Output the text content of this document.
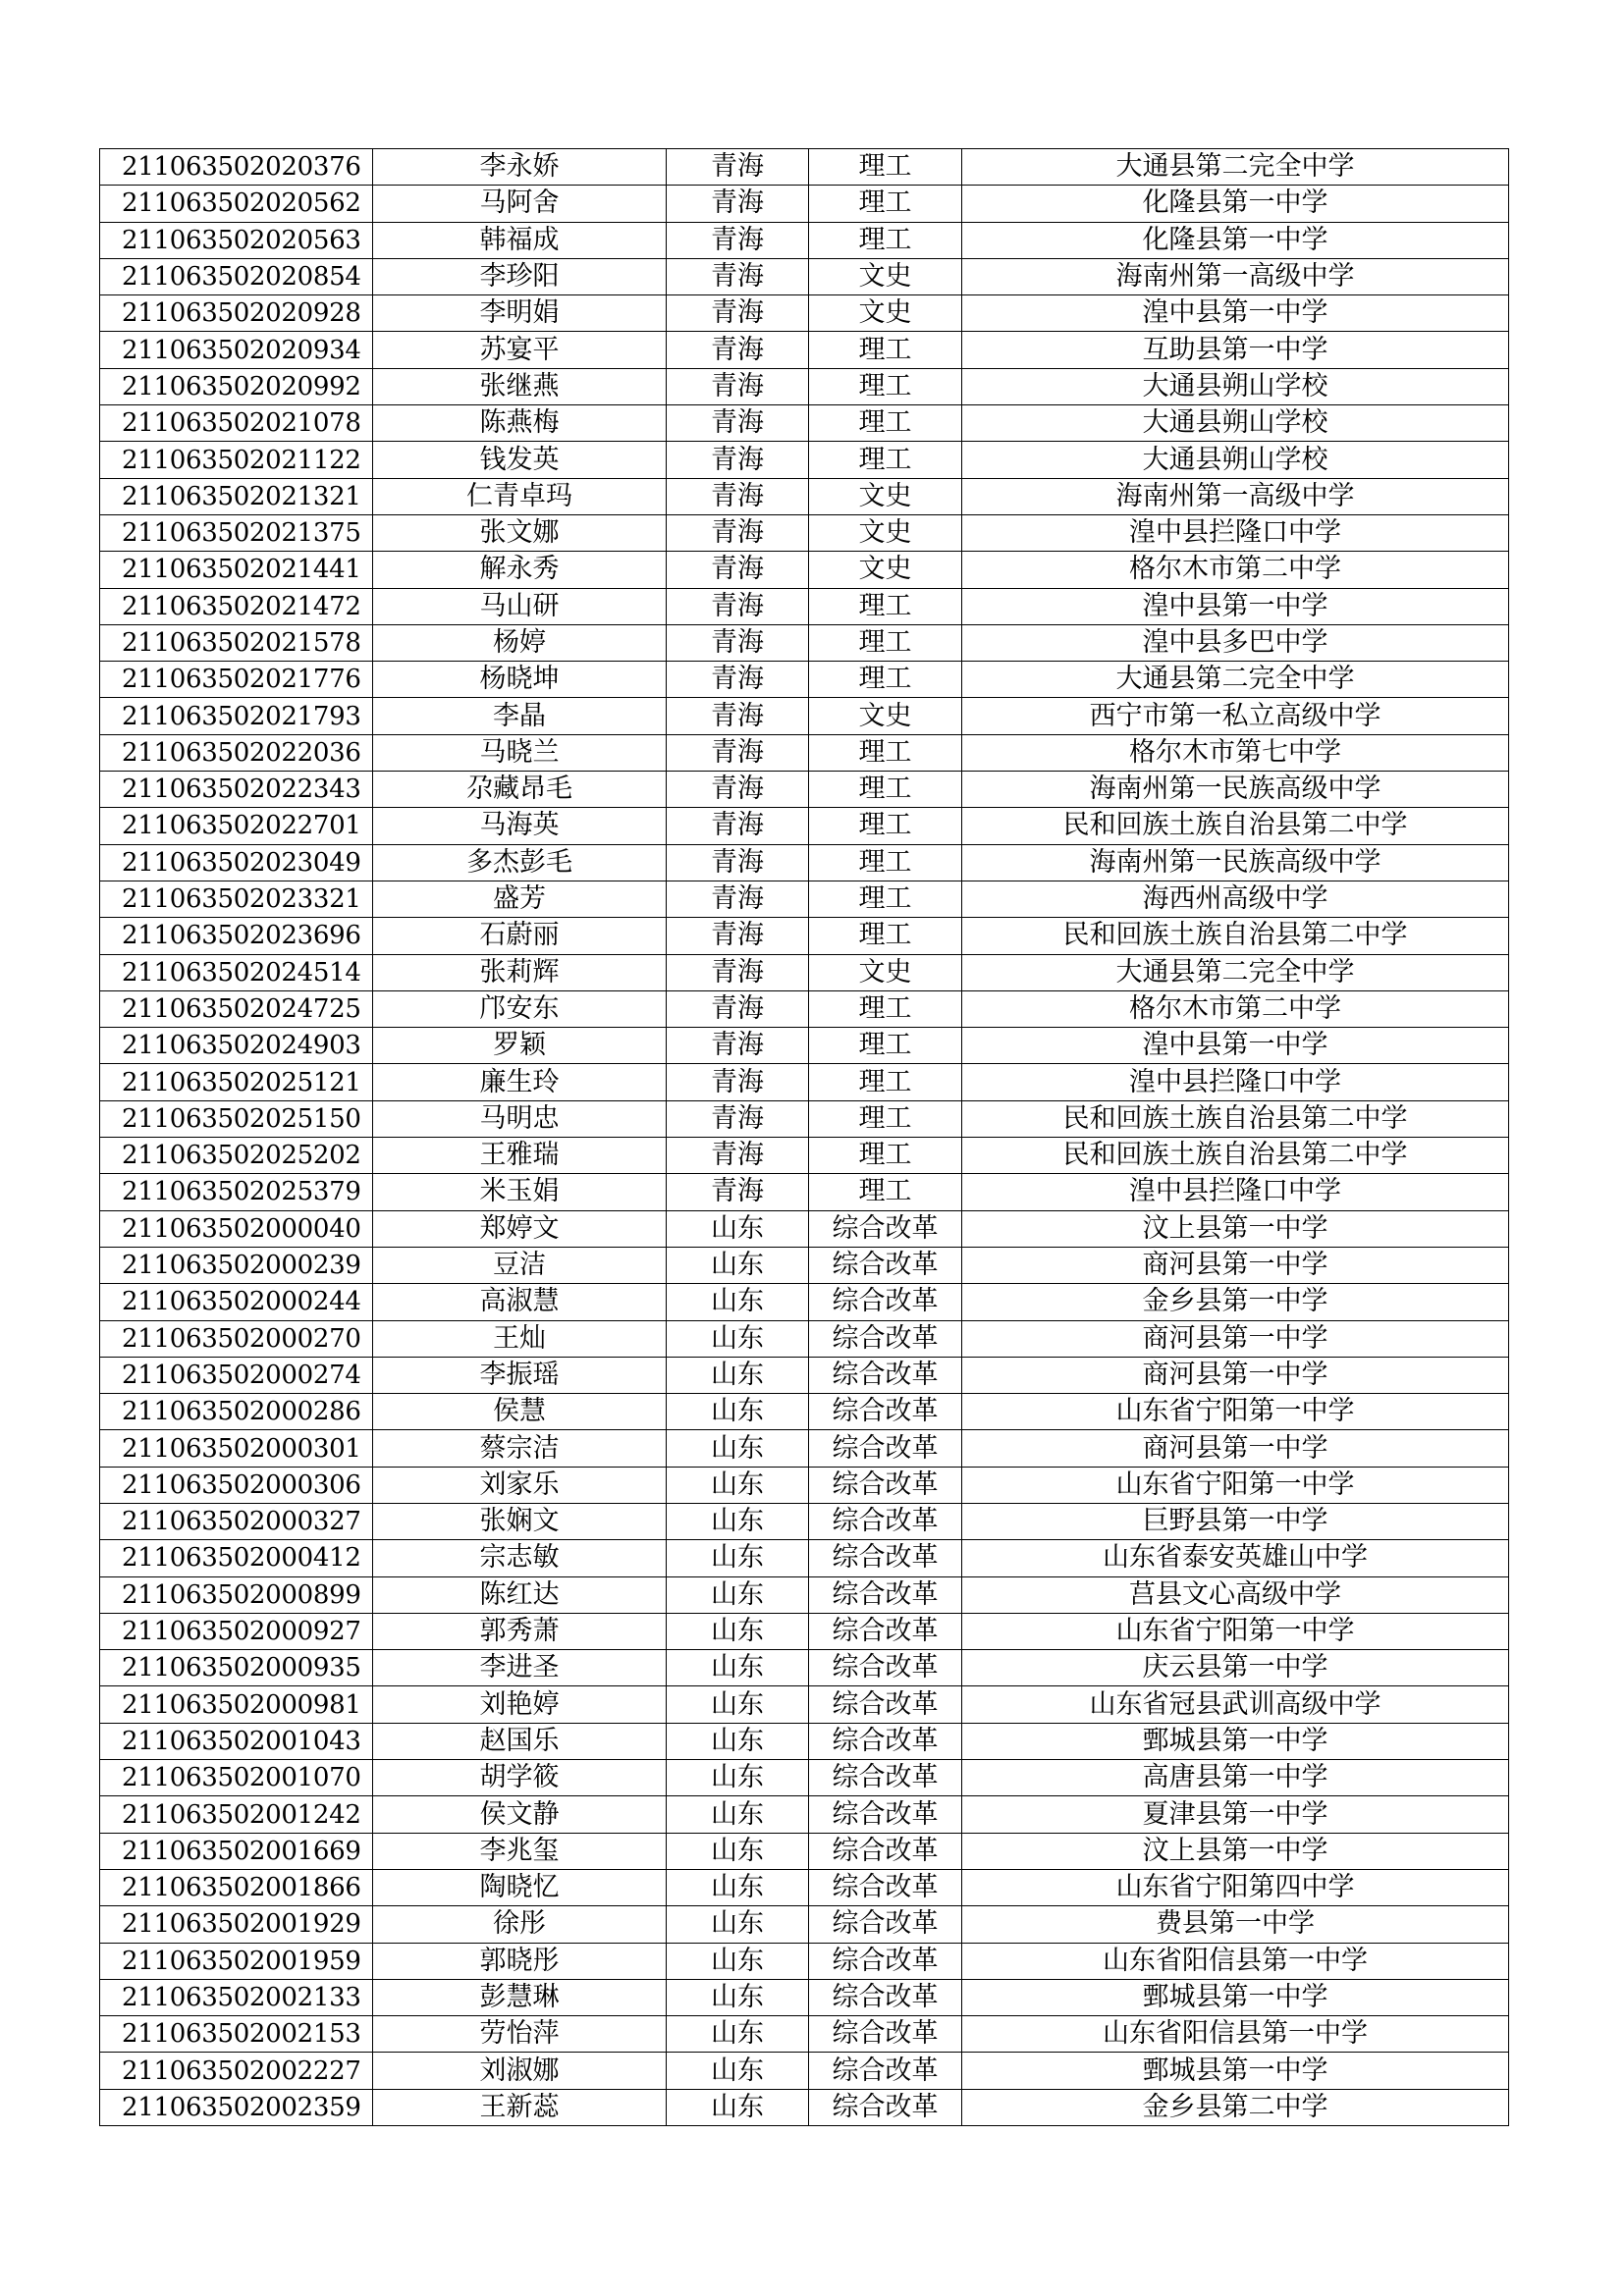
211063502020376	李永娇	青海	理工	大通县第二完全中学
211063502020562	马阿舍	青海	理工	化隆县第一中学
211063502020563	韩福成	青海	理工	化隆县第一中学
211063502020854	李珍阳	青海	文史	海南州第一高级中学
211063502020928	李明娟	青海	文史	湟中县第一中学
211063502020934	苏宴平	青海	理工	互助县第一中学
211063502020992	张继燕	青海	理工	大通县朔山学校
211063502021078	陈燕梅	青海	理工	大通县朔山学校
211063502021122	钱发英	青海	理工	大通县朔山学校
211063502021321	仁青卓玛	青海	文史	海南州第一高级中学
211063502021375	张文娜	青海	文史	湟中县拦隆口中学
211063502021441	解永秀	青海	文史	格尔木市第二中学
211063502021472	马山研	青海	理工	湟中县第一中学
211063502021578	杨婷	青海	理工	湟中县多巴中学
211063502021776	杨晓坤	青海	理工	大通县第二完全中学
211063502021793	李晶	青海	文史	西宁市第一私立高级中学
211063502022036	马晓兰	青海	理工	格尔木市第七中学
211063502022343	尕藏昂毛	青海	理工	海南州第一民族高级中学
211063502022701	马海英	青海	理工	民和回族土族自治县第二中学
211063502023049	多杰彭毛	青海	理工	海南州第一民族高级中学
211063502023321	盛芳	青海	理工	海西州高级中学
211063502023696	石蔚丽	青海	理工	民和回族土族自治县第二中学
211063502024514	张莉辉	青海	文史	大通县第二完全中学
211063502024725	邝安东	青海	理工	格尔木市第二中学
211063502024903	罗颖	青海	理工	湟中县第一中学
211063502025121	廉生玲	青海	理工	湟中县拦隆口中学
211063502025150	马明忠	青海	理工	民和回族土族自治县第二中学
211063502025202	王雅瑞	青海	理工	民和回族土族自治县第二中学
211063502025379	米玉娟	青海	理工	湟中县拦隆口中学
211063502000040	郑婷文	山东	综合改革	汶上县第一中学
211063502000239	豆洁	山东	综合改革	商河县第一中学
211063502000244	高淑慧	山东	综合改革	金乡县第一中学
211063502000270	王灿	山东	综合改革	商河县第一中学
211063502000274	李振瑶	山东	综合改革	商河县第一中学
211063502000286	侯慧	山东	综合改革	山东省宁阳第一中学
211063502000301	蔡宗洁	山东	综合改革	商河县第一中学
211063502000306	刘家乐	山东	综合改革	山东省宁阳第一中学
211063502000327	张娴文	山东	综合改革	巨野县第一中学
211063502000412	宗志敏	山东	综合改革	山东省泰安英雄山中学
211063502000899	陈红达	山东	综合改革	莒县文心高级中学
211063502000927	郭秀萧	山东	综合改革	山东省宁阳第一中学
211063502000935	李进圣	山东	综合改革	庆云县第一中学
211063502000981	刘艳婷	山东	综合改革	山东省冠县武训高级中学
211063502001043	赵国乐	山东	综合改革	鄄城县第一中学
211063502001070	胡学筱	山东	综合改革	高唐县第一中学
211063502001242	侯文静	山东	综合改革	夏津县第一中学
211063502001669	李兆玺	山东	综合改革	汶上县第一中学
211063502001866	陶晓忆	山东	综合改革	山东省宁阳第四中学
211063502001929	徐彤	山东	综合改革	费县第一中学
211063502001959	郭晓彤	山东	综合改革	山东省阳信县第一中学
211063502002133	彭慧琳	山东	综合改革	鄄城县第一中学
211063502002153	劳怡萍	山东	综合改革	山东省阳信县第一中学
211063502002227	刘淑娜	山东	综合改革	鄄城县第一中学
211063502002359	王新蕊	山东	综合改革	金乡县第二中学
